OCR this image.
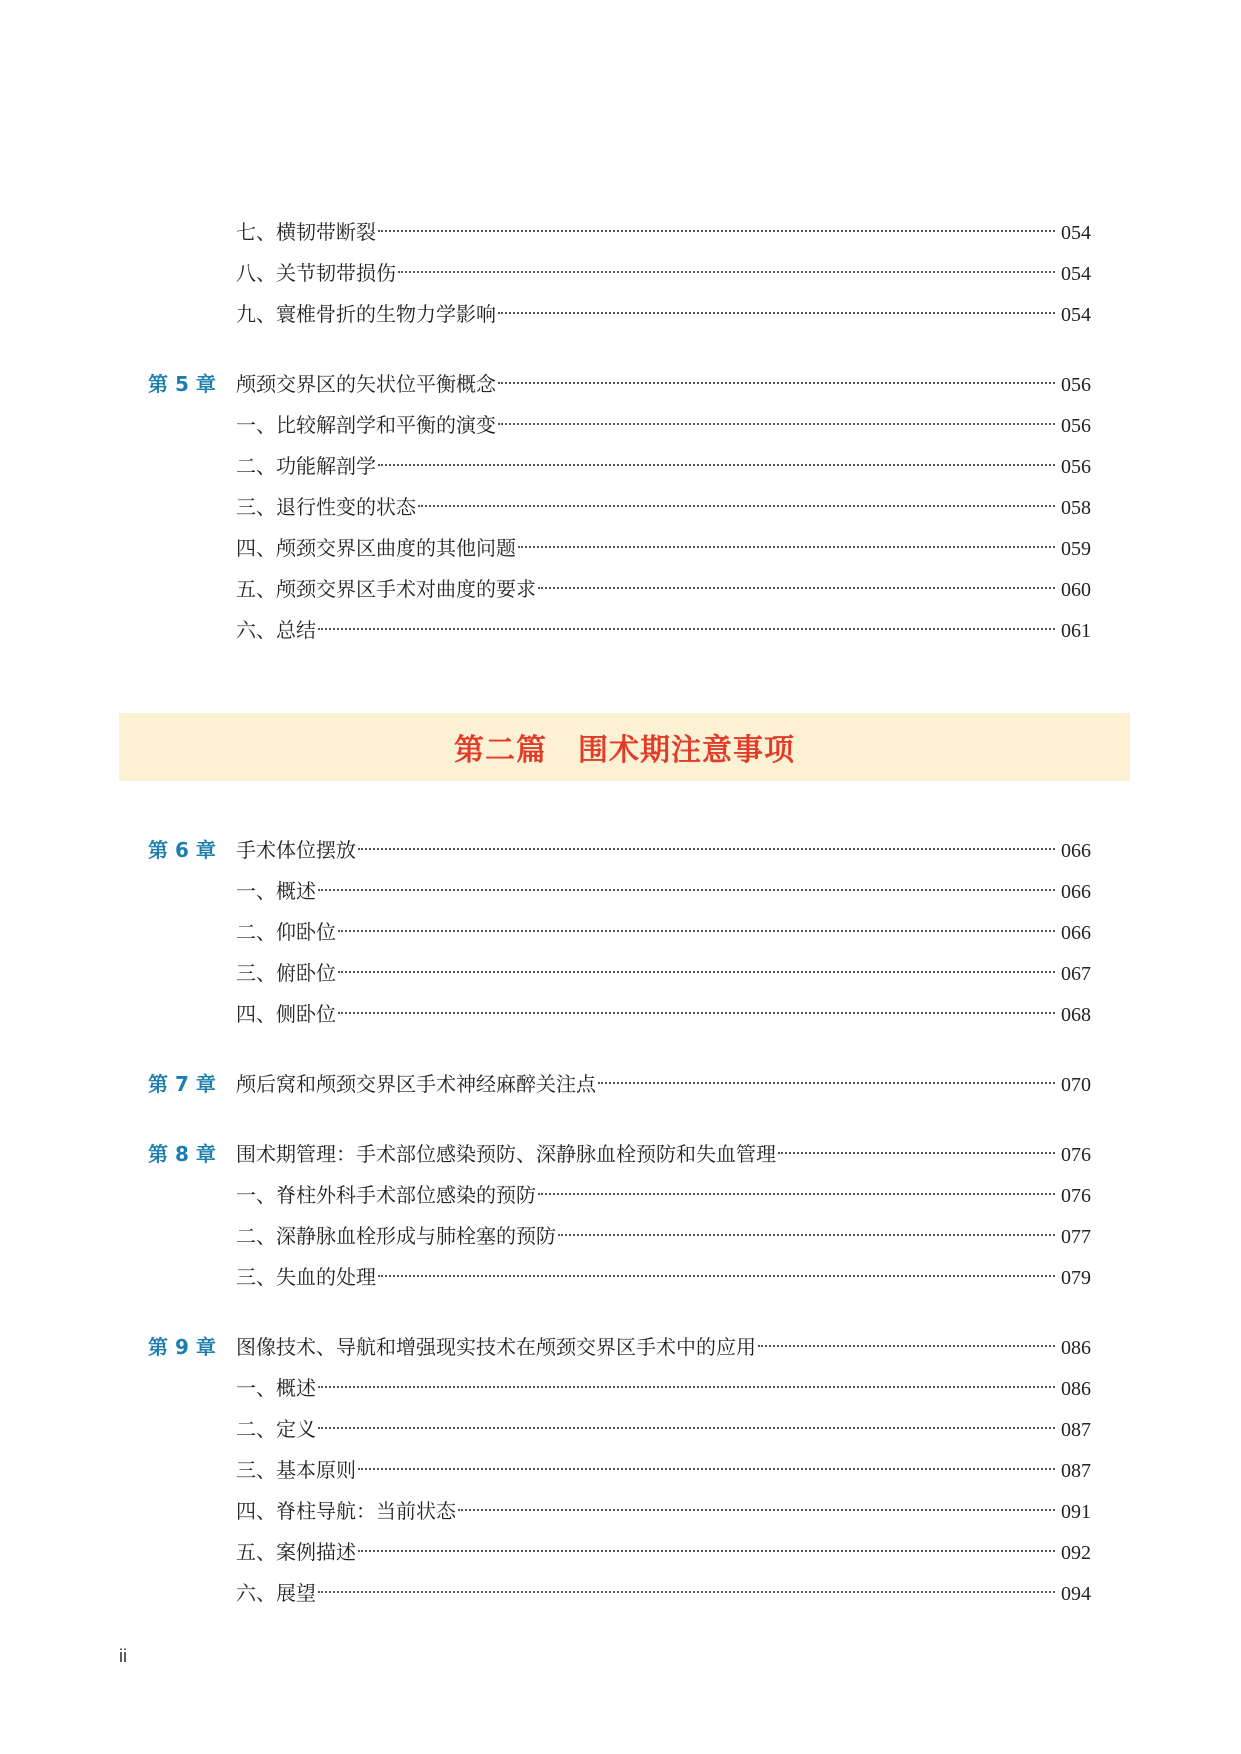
七、横韧带断裂	054
八、关节韧带损伤	054
九、寰椎骨折的生物力学影响	054
第 5 章 颅颈交界区的矢状位平衡概念	056
一、比较解剖学和平衡的演变	056
二、功能解剖学	056
三、退行性变的状态	058
四、颅颈交界区曲度的其他问题	059
五、颅颈交界区手术对曲度的要求	060
六、总结	061
第二篇　围术期注意事项
第 6 章 手术体位摆放	066
一、概述	066
二、仰卧位	066
三、俯卧位	067
四、侧卧位	068
第 7 章 颅后窝和颅颈交界区手术神经麻醉关注点	070
第 8 章 围术期管理：手术部位感染预防、深静脉血栓预防和失血管理	076
一、脊柱外科手术部位感染的预防	076
二、深静脉血栓形成与肺栓塞的预防	077
三、失血的处理	079
第 9 章 图像技术、导航和增强现实技术在颅颈交界区手术中的应用	086
一、概述	086
二、定义	087
三、基本原则	087
四、脊柱导航：当前状态	091
五、案例描述	092
六、展望	094
ii
